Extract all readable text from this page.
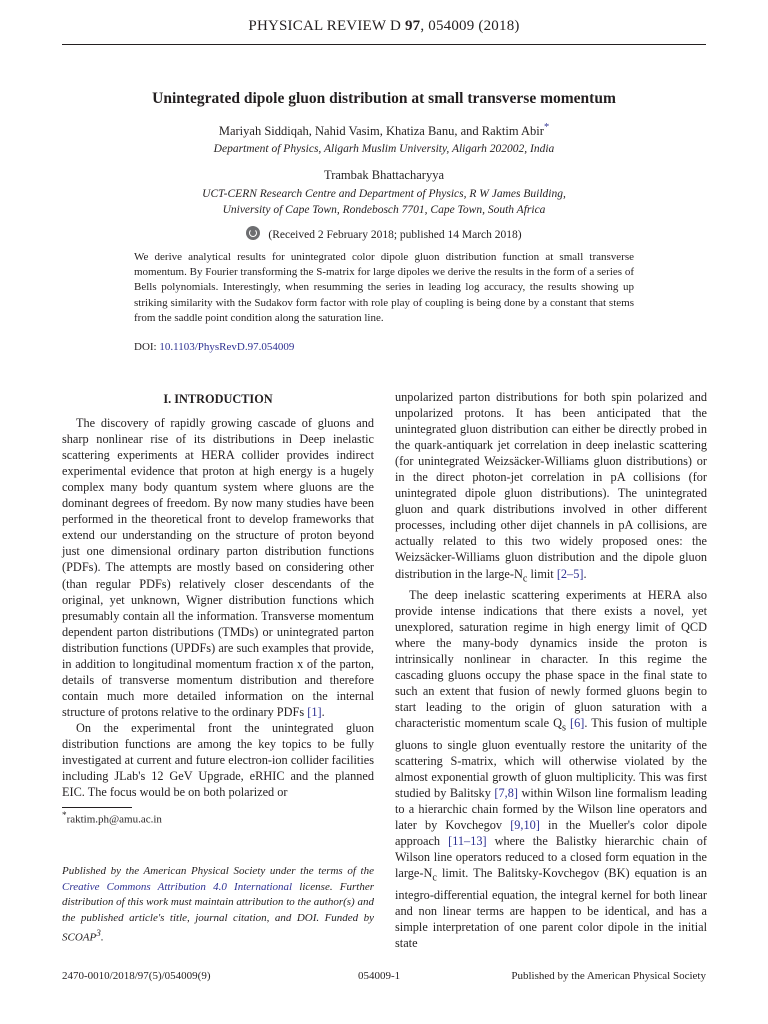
PHYSICAL REVIEW D 97, 054009 (2018)
Unintegrated dipole gluon distribution at small transverse momentum
Mariyah Siddiqah, Nahid Vasim, Khatiza Banu, and Raktim Abir*
Department of Physics, Aligarh Muslim University, Aligarh 202002, India
Trambak Bhattacharyya
UCT-CERN Research Centre and Department of Physics, R W James Building,
University of Cape Town, Rondebosch 7701, Cape Town, South Africa
(Received 2 February 2018; published 14 March 2018)
We derive analytical results for unintegrated color dipole gluon distribution function at small transverse momentum. By Fourier transforming the S-matrix for large dipoles we derive the results in the form of a series of Bells polynomials. Interestingly, when resumming the series in leading log accuracy, the results showing up striking similarity with the Sudakov form factor with role play of coupling is being done by a constant that stems from the saddle point condition along the saturation line.
DOI: 10.1103/PhysRevD.97.054009
I. INTRODUCTION

The discovery of rapidly growing cascade of gluons and sharp nonlinear rise of its distributions in Deep inelastic scattering experiments at HERA collider provides indirect experimental evidence that proton at high energy is a hugely complex many body quantum system where gluons are the dominant degrees of freedom. By now many studies have been performed in the theoretical front to develop frameworks that extend our understanding on the structure of proton beyond just one dimensional ordinary parton distribution functions (PDFs). The attempts are mostly based on considering other (than regular PDFs) relatively closer descendants of the original, yet unknown, Wigner distribution functions which presumably contain all the information. Transverse momentum dependent parton distributions (TMDs) or unintegrated parton distribution functions (UPDFs) are such examples that provide, in addition to longitudinal momentum fraction x of the parton, details of transverse momentum distribution and therefore contain much more detailed information on the internal structure of protons relative to the ordinary PDFs [1].

On the experimental front the unintegrated gluon distribution functions are among the key topics to be fully investigated at current and future electron-ion collider facilities including JLab's 12 GeV Upgrade, eRHIC and the planned EIC. The focus would be on both polarized or

unpolarized parton distributions for both spin polarized and unpolarized protons. It has been anticipated that the unintegrated gluon distribution can either be directly probed in the quark-antiquark jet correlation in deep inelastic scattering (for unintegrated Weizsäcker-Williams gluon distributions) or in the direct photon-jet correlation in pA collisions (for unintegrated dipole gluon distributions). The unintegrated gluon and quark distributions involved in other different processes, including other dijet channels in pA collisions, are actually related to this two widely proposed ones: the Weizsäcker-Williams gluon distribution and the dipole gluon distribution in the large-$N_c$ limit [2–5].

The deep inelastic scattering experiments at HERA also provide intense indications that there exists a novel, yet unexplored, saturation regime in high energy limit of QCD where the many-body dynamics inside the proton is intrinsically nonlinear in character. In this regime the cascading gluons occupy the phase space in the final state to such an extent that fusion of newly formed gluons begin to start leading to the origin of gluon saturation with a characteristic momentum scale $Q_s$ [6]. This fusion of multiple gluons to single gluon eventually restore the unitarity of the scattering S-matrix, which will otherwise violated by the almost exponential growth of gluon multiplicity. This was first studied by Balitsky [7,8] within Wilson line formalism leading to a hierarchic chain formed by the Wilson line operators and later by Kovchegov [9,10] in the Mueller's color dipole approach [11–13] where the Balistky hierarchic chain of Wilson line operators reduced to a closed form equation in the large-$N_c$ limit. The Balitsky-Kovchegov (BK) equation is an integro-differential equation, the integral kernel for both linear and non linear terms are happen to be identical, and has a simple interpretation of one parent color dipole in the initial state

*raktim.ph@amu.ac.in
Published by the American Physical Society under the terms of the Creative Commons Attribution 4.0 International license. Further distribution of this work must maintain attribution to the author(s) and the published article's title, journal citation, and DOI. Funded by SCOAP$^3$.
2470-0010/2018/97(5)/054009(9)	054009-1	Published by the American Physical Society
